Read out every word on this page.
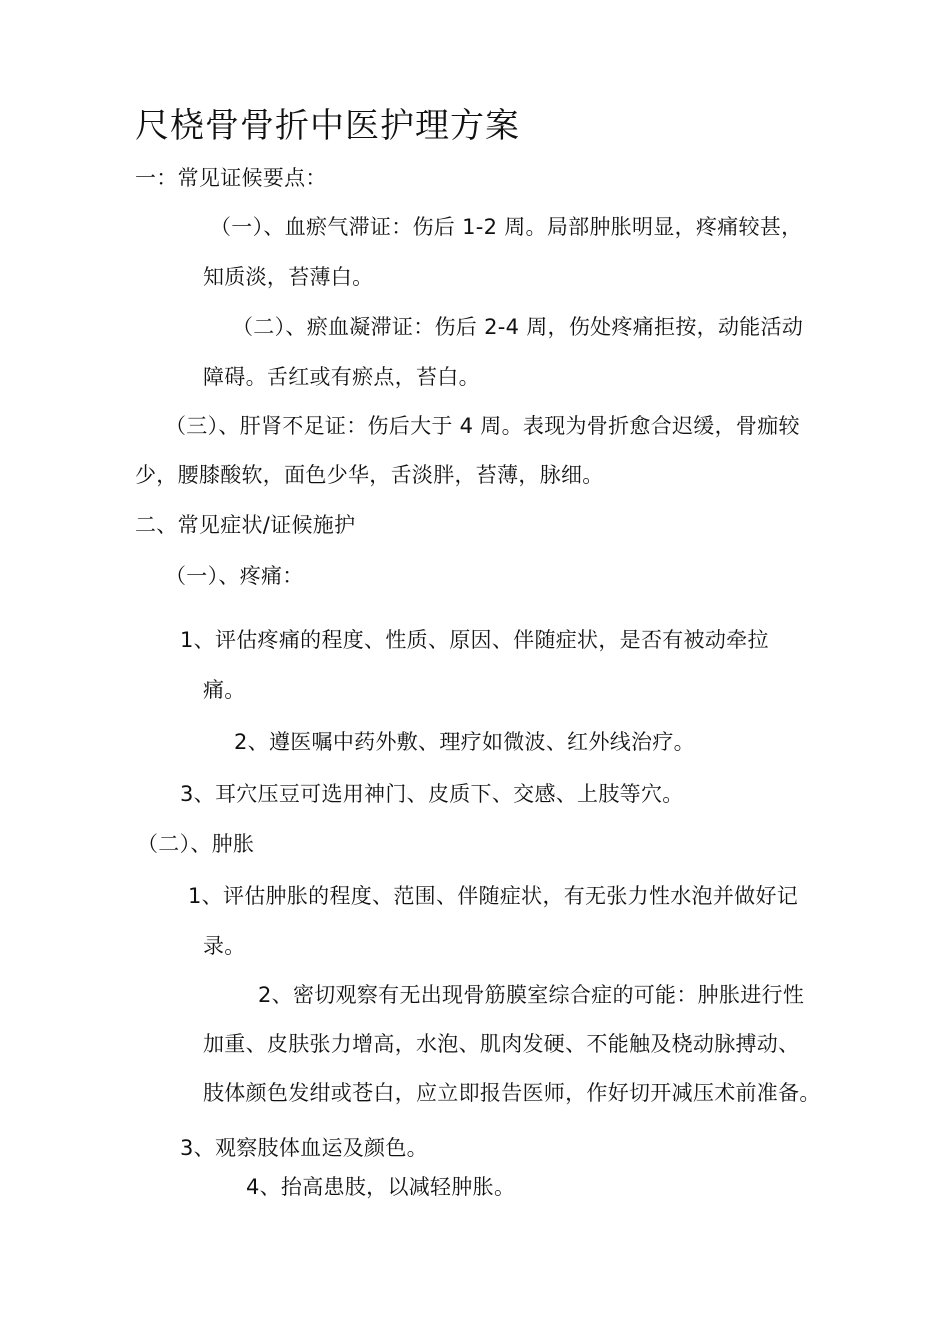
尺桡骨骨折中医护理方案
一：常见证候要点：
（一）、血瘀气滞证：伤后 1-2 周。局部肿胀明显，疼痛较甚，
知质淡，苔薄白。
（二）、瘀血凝滞证：伤后 2-4 周，伤处疼痛拒按，动能活动
障碍。舌红或有瘀点，苔白。
（三）、肝肾不足证：伤后大于 4 周。表现为骨折愈合迟缓，骨痂较
少，腰膝酸软，面色少华，舌淡胖，苔薄，脉细。
二、常见症状/证候施护
（一）、疼痛：
1、评估疼痛的程度、性质、原因、伴随症状，是否有被动牵拉
痛。
2、遵医嘱中药外敷、理疗如微波、红外线治疗。
3、耳穴压豆可选用神门、皮质下、交感、上肢等穴。
（二）、肿胀
1、评估肿胀的程度、范围、伴随症状，有无张力性水泡并做好记
录。
2、密切观察有无出现骨筋膜室综合症的可能：肿胀进行性
加重、皮肤张力增高，水泡、肌肉发硬、不能触及桡动脉搏动、
肢体颜色发绀或苍白，应立即报告医师，作好切开减压术前准备。
3、观察肢体血运及颜色。
4、抬高患肢，以减轻肿胀。
